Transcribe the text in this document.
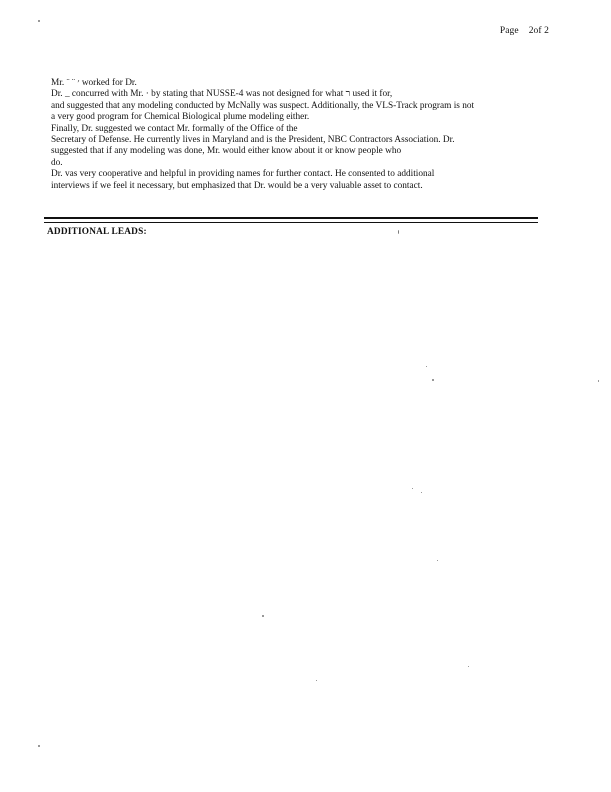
Page 2of 2

Mr. ¨ ¨ ׳ worked for Dr.

Dr. _ concurred with Mr. · by stating that NUSSE-4 was not designed for what ר used it for,
and suggested that any modeling conducted by McNally was suspect. Additionally, the VLS-Track program is not
a very good program for Chemical Biological plume modeling either.

Finally, Dr. suggested we contact Mr. formally of the Office of the
Secretary of Defense. He currently lives in Maryland and is the President, NBC Contractors Association. Dr.
suggested that if any modeling was done, Mr. would either know about it or know people who
do.

Dr. vas very cooperative and helpful in providing names for further contact. He consented to additional
interviews if we feel it necessary, but emphasized that Dr. would be a very valuable asset to contact.

ADDITIONAL LEADS:
